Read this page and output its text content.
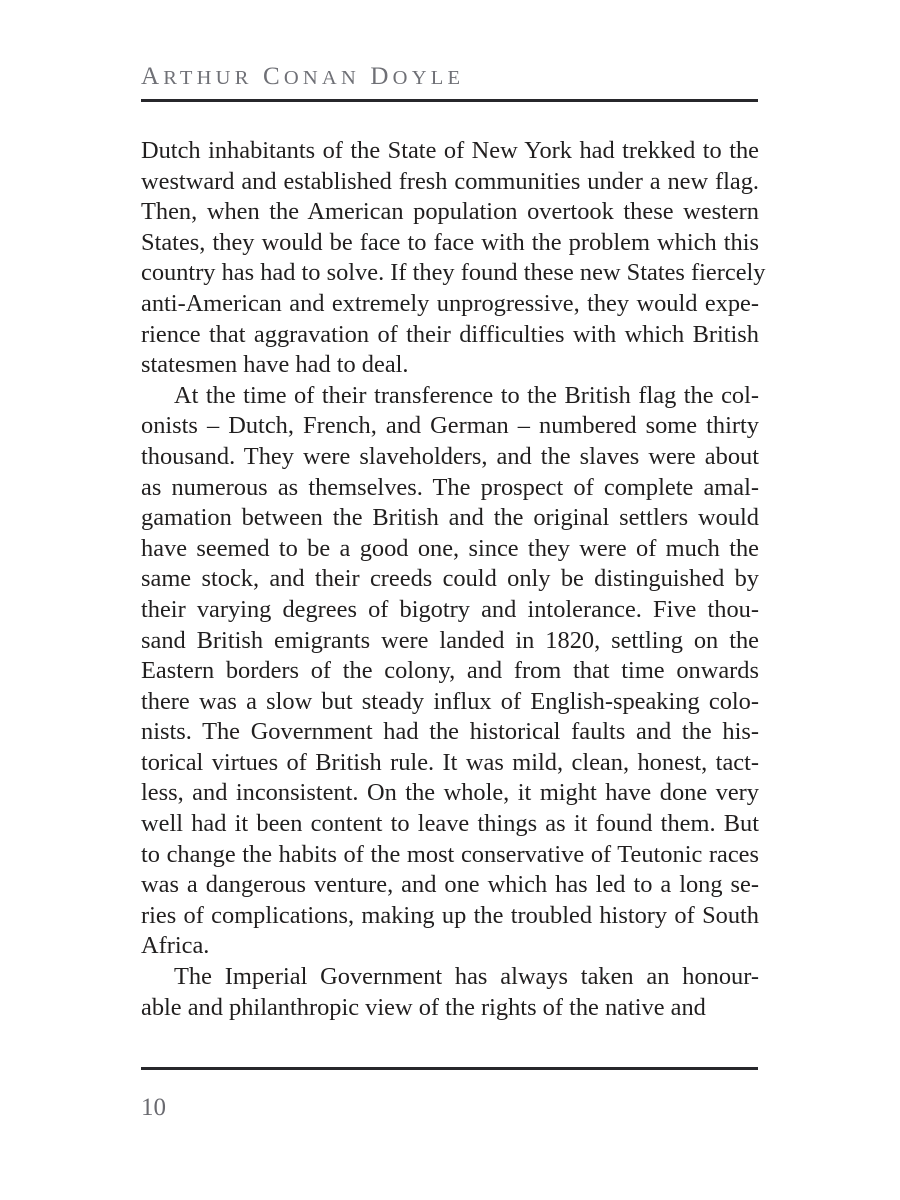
ARTHUR CONAN DOYLE

Dutch inhabitants of the State of New York had trekked to the
westward and established fresh communities under a new flag.
Then, when the American population overtook these western
States, they would be face to face with the problem which this
country has had to solve. If they found these new States fiercely
anti-American and extremely unprogressive, they would expe-
rience that aggravation of their difficulties with which British
statesmen have had to deal.

At the time of their transference to the British flag the col-
onists – Dutch, French, and German – numbered some thirty
thousand. They were slaveholders, and the slaves were about
as numerous as themselves. The prospect of complete amal-
gamation between the British and the original settlers would
have seemed to be a good one, since they were of much the
same stock, and their creeds could only be distinguished by
their varying degrees of bigotry and intolerance. Five thou-
sand British emigrants were landed in 1820, settling on the
Eastern borders of the colony, and from that time onwards
there was a slow but steady influx of English-speaking colo-
nists. The Government had the historical faults and the his-
torical virtues of British rule. It was mild, clean, honest, tact-
less, and inconsistent. On the whole, it might have done very
well had it been content to leave things as it found them. But
to change the habits of the most conservative of Teutonic races
was a dangerous venture, and one which has led to a long se-
ries of complications, making up the troubled history of South
Africa.

The Imperial Government has always taken an honour-
able and philanthropic view of the rights of the native and

10
